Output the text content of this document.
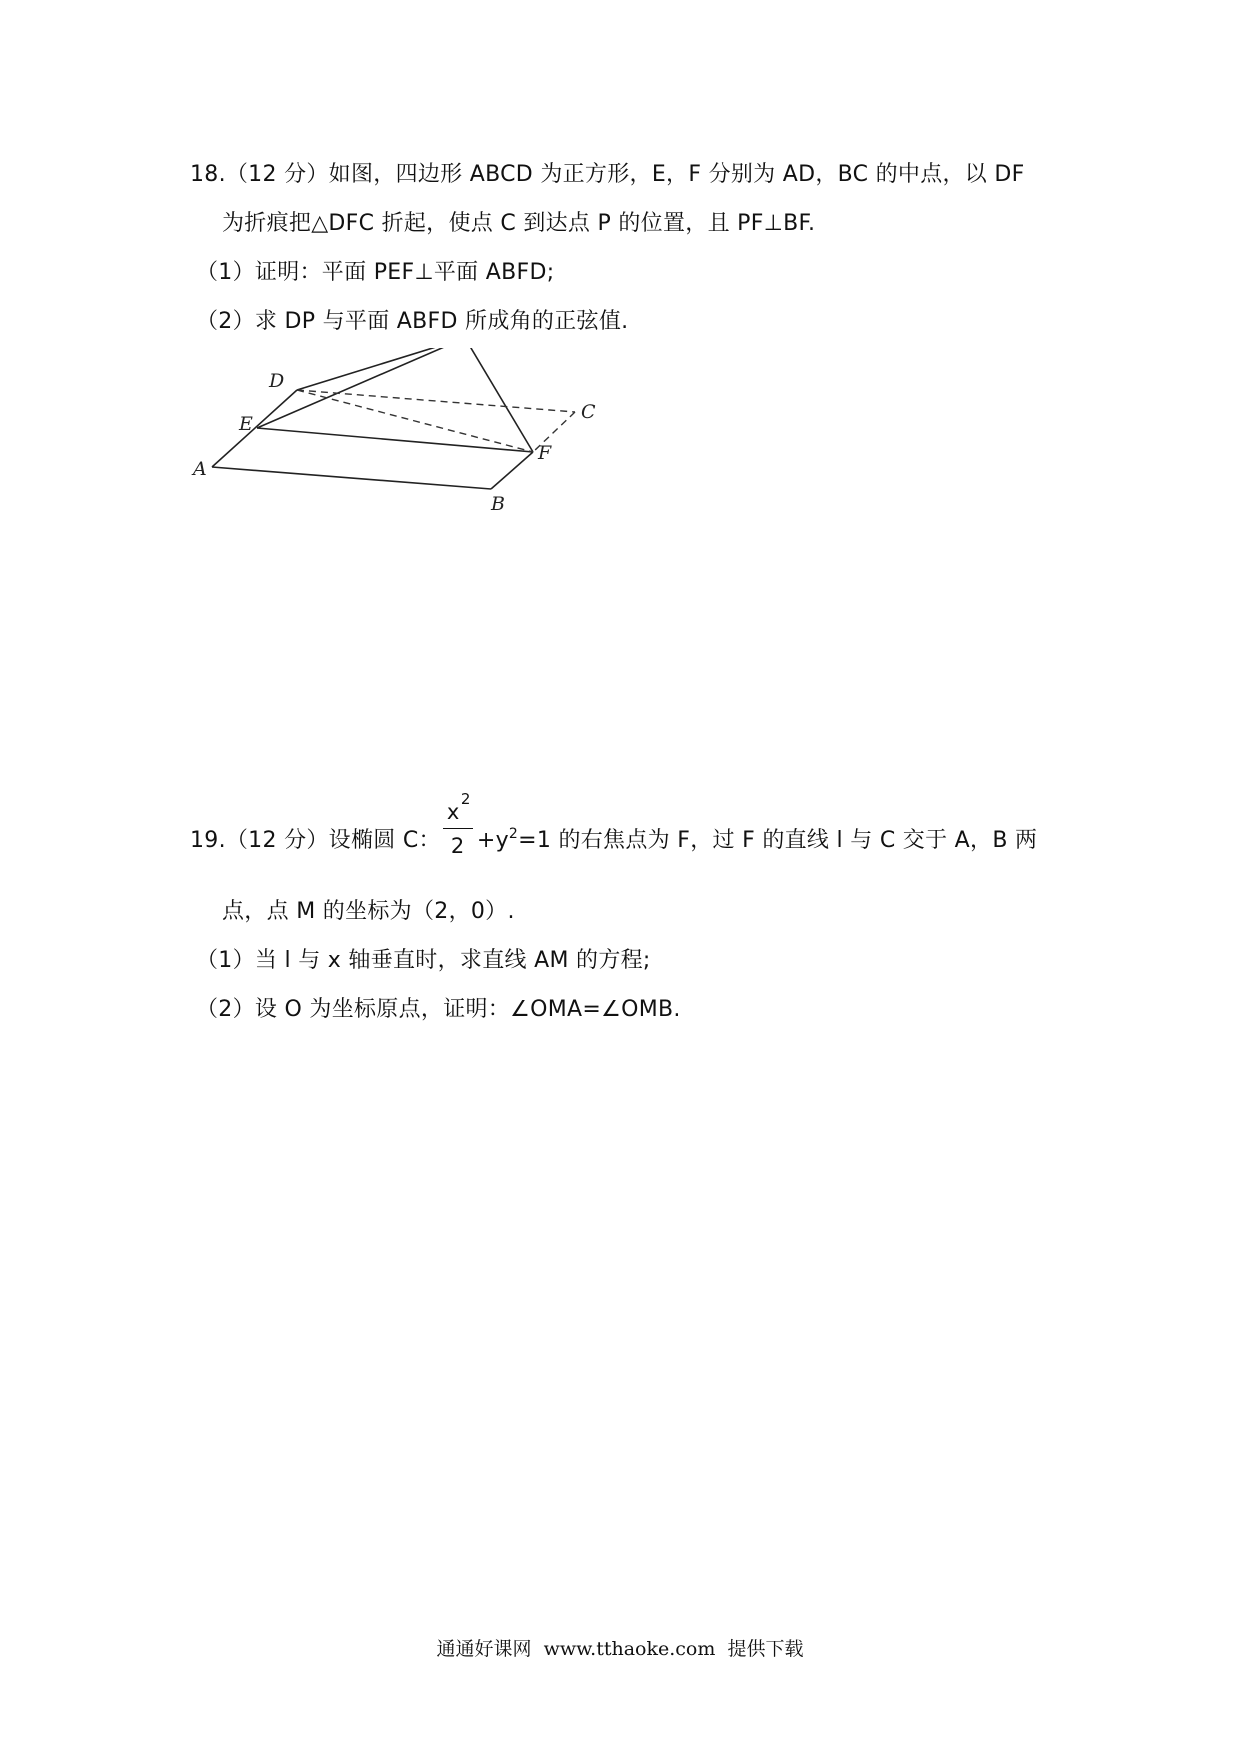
18.（12 分）如图，四边形 ABCD 为正方形，E，F 分别为 AD，BC 的中点，以 DF
为折痕把△DFC 折起，使点 C 到达点 P 的位置，且 PF⊥BF.
（1）证明：平面 PEF⊥平面 ABFD;
（2）求 DP 与平面 ABFD 所成角的正弦值.
D
C
E
F
A
B
19.（12 分）设椭圆 C：
x
2
$2 +y^2=1$ 的右焦点为 F，过 F 的直线 l 与 C 交于 A，B 两
点，点 M 的坐标为（2，0）.
（1）当 l 与 x 轴垂直时，求直线 AM 的方程;
（2）设 O 为坐标原点，证明：∠OMA=∠OMB.
通通好课网  www.tthaoke.com  提供下载
